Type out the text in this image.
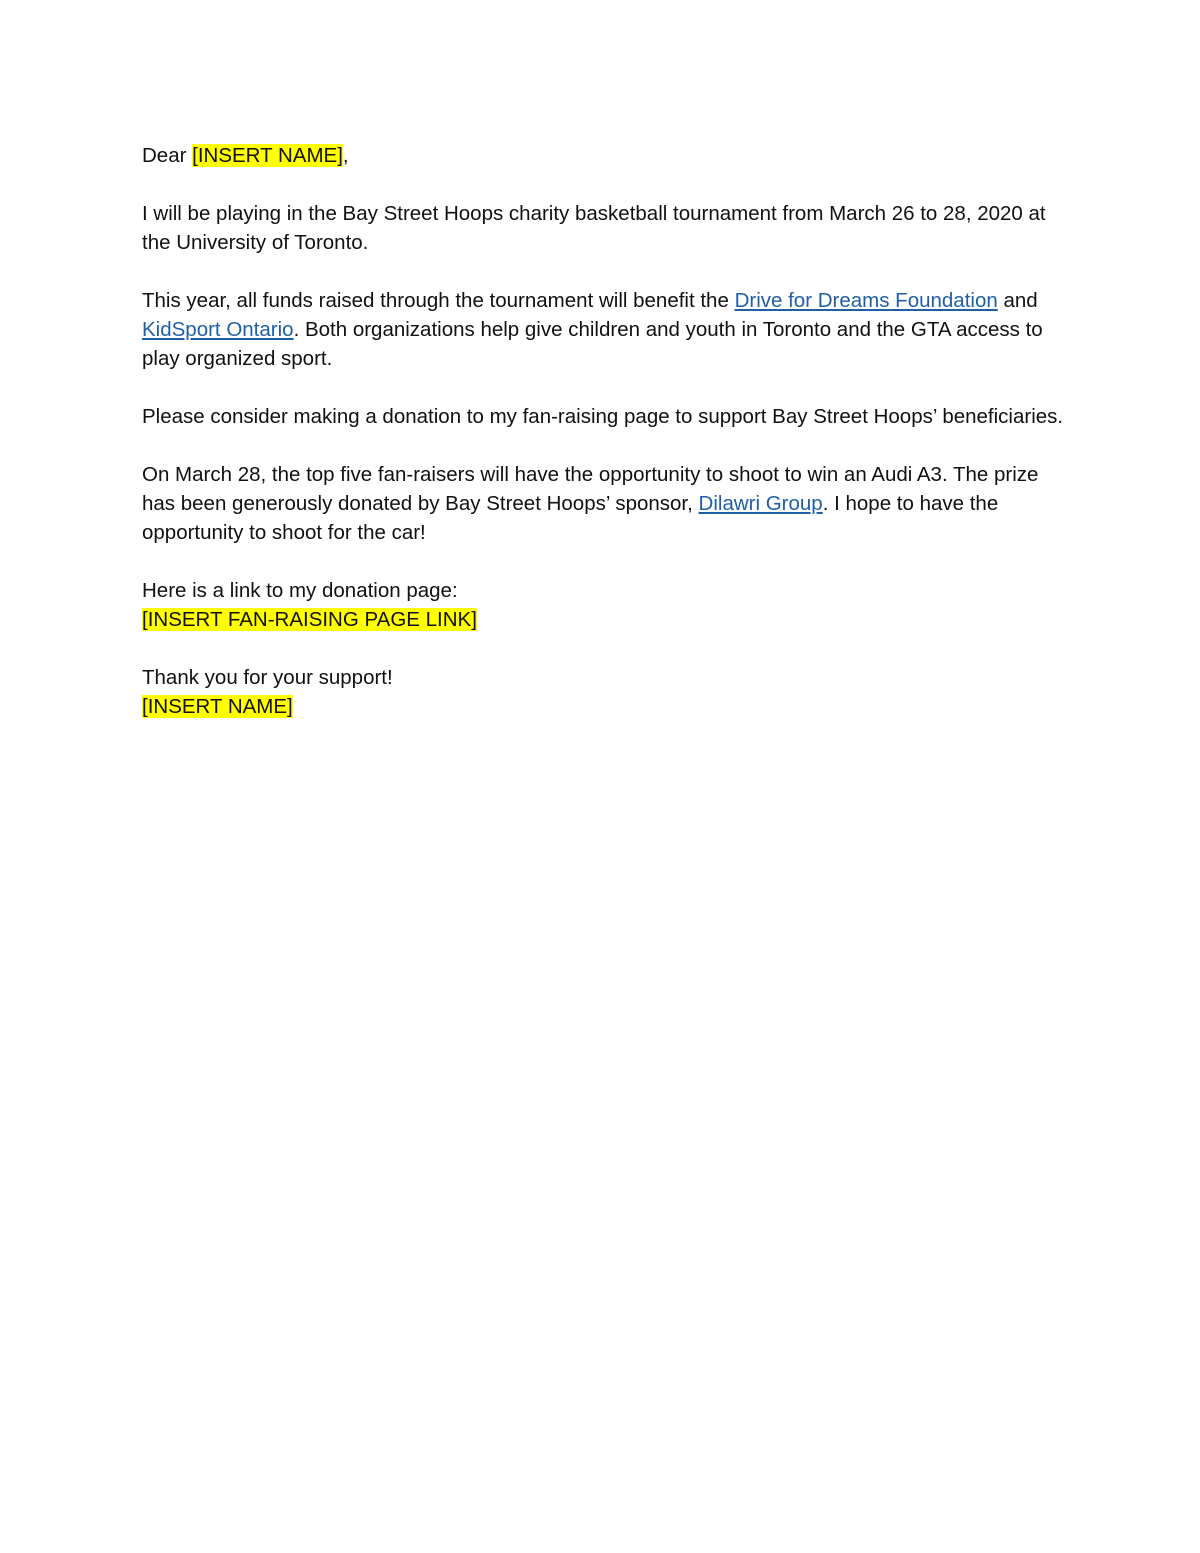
Dear [INSERT NAME],

I will be playing in the Bay Street Hoops charity basketball tournament from March 26 to 28, 2020 at the University of Toronto.

This year, all funds raised through the tournament will benefit the Drive for Dreams Foundation and KidSport Ontario. Both organizations help give children and youth in Toronto and the GTA access to play organized sport.

Please consider making a donation to my fan-raising page to support Bay Street Hoops’ beneficiaries.

On March 28, the top five fan-raisers will have the opportunity to shoot to win an Audi A3. The prize has been generously donated by Bay Street Hoops’ sponsor, Dilawri Group. I hope to have the opportunity to shoot for the car!

Here is a link to my donation page:
[INSERT FAN-RAISING PAGE LINK]

Thank you for your support!
[INSERT NAME]
